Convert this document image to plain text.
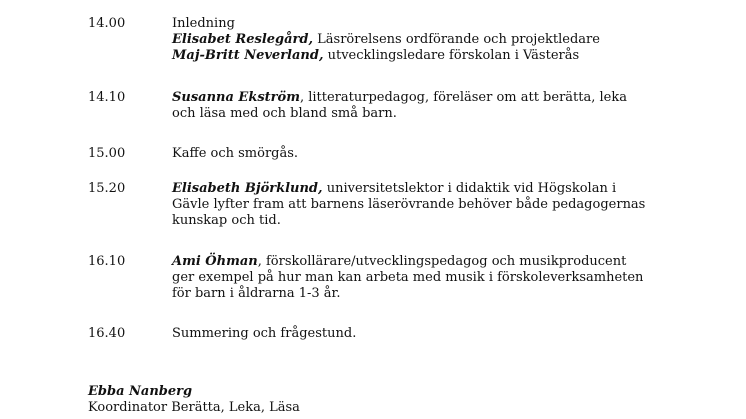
14.00	Inledning
Elisabet Reslegård, Läsrörelsens ordförande och projektledare
Maj-Britt Neverland, utvecklingsledare förskolan i Västerås
14.10	Susanna Ekström, litteraturpedagog, föreläser om att berätta, leka
och läsa med och bland små barn.
15.00	Kaffe och smörgås.
15.20	Elisabeth Björklund, universitetslektor i didaktik vid Högskolan i
Gävle lyfter fram att barnens läserövrande behöver både pedagogernas
kunskap och tid.
16.10	Ami Öhman, förskollärare/utvecklingspedagog och musikproducent
ger exempel på hur man kan arbeta med musik i förskoleverksamheten
för barn i åldrarna 1-3 år.
16.40	Summering och frågestund.
Ebba Nanberg
Koordinator Berätta, Leka, Läsa
